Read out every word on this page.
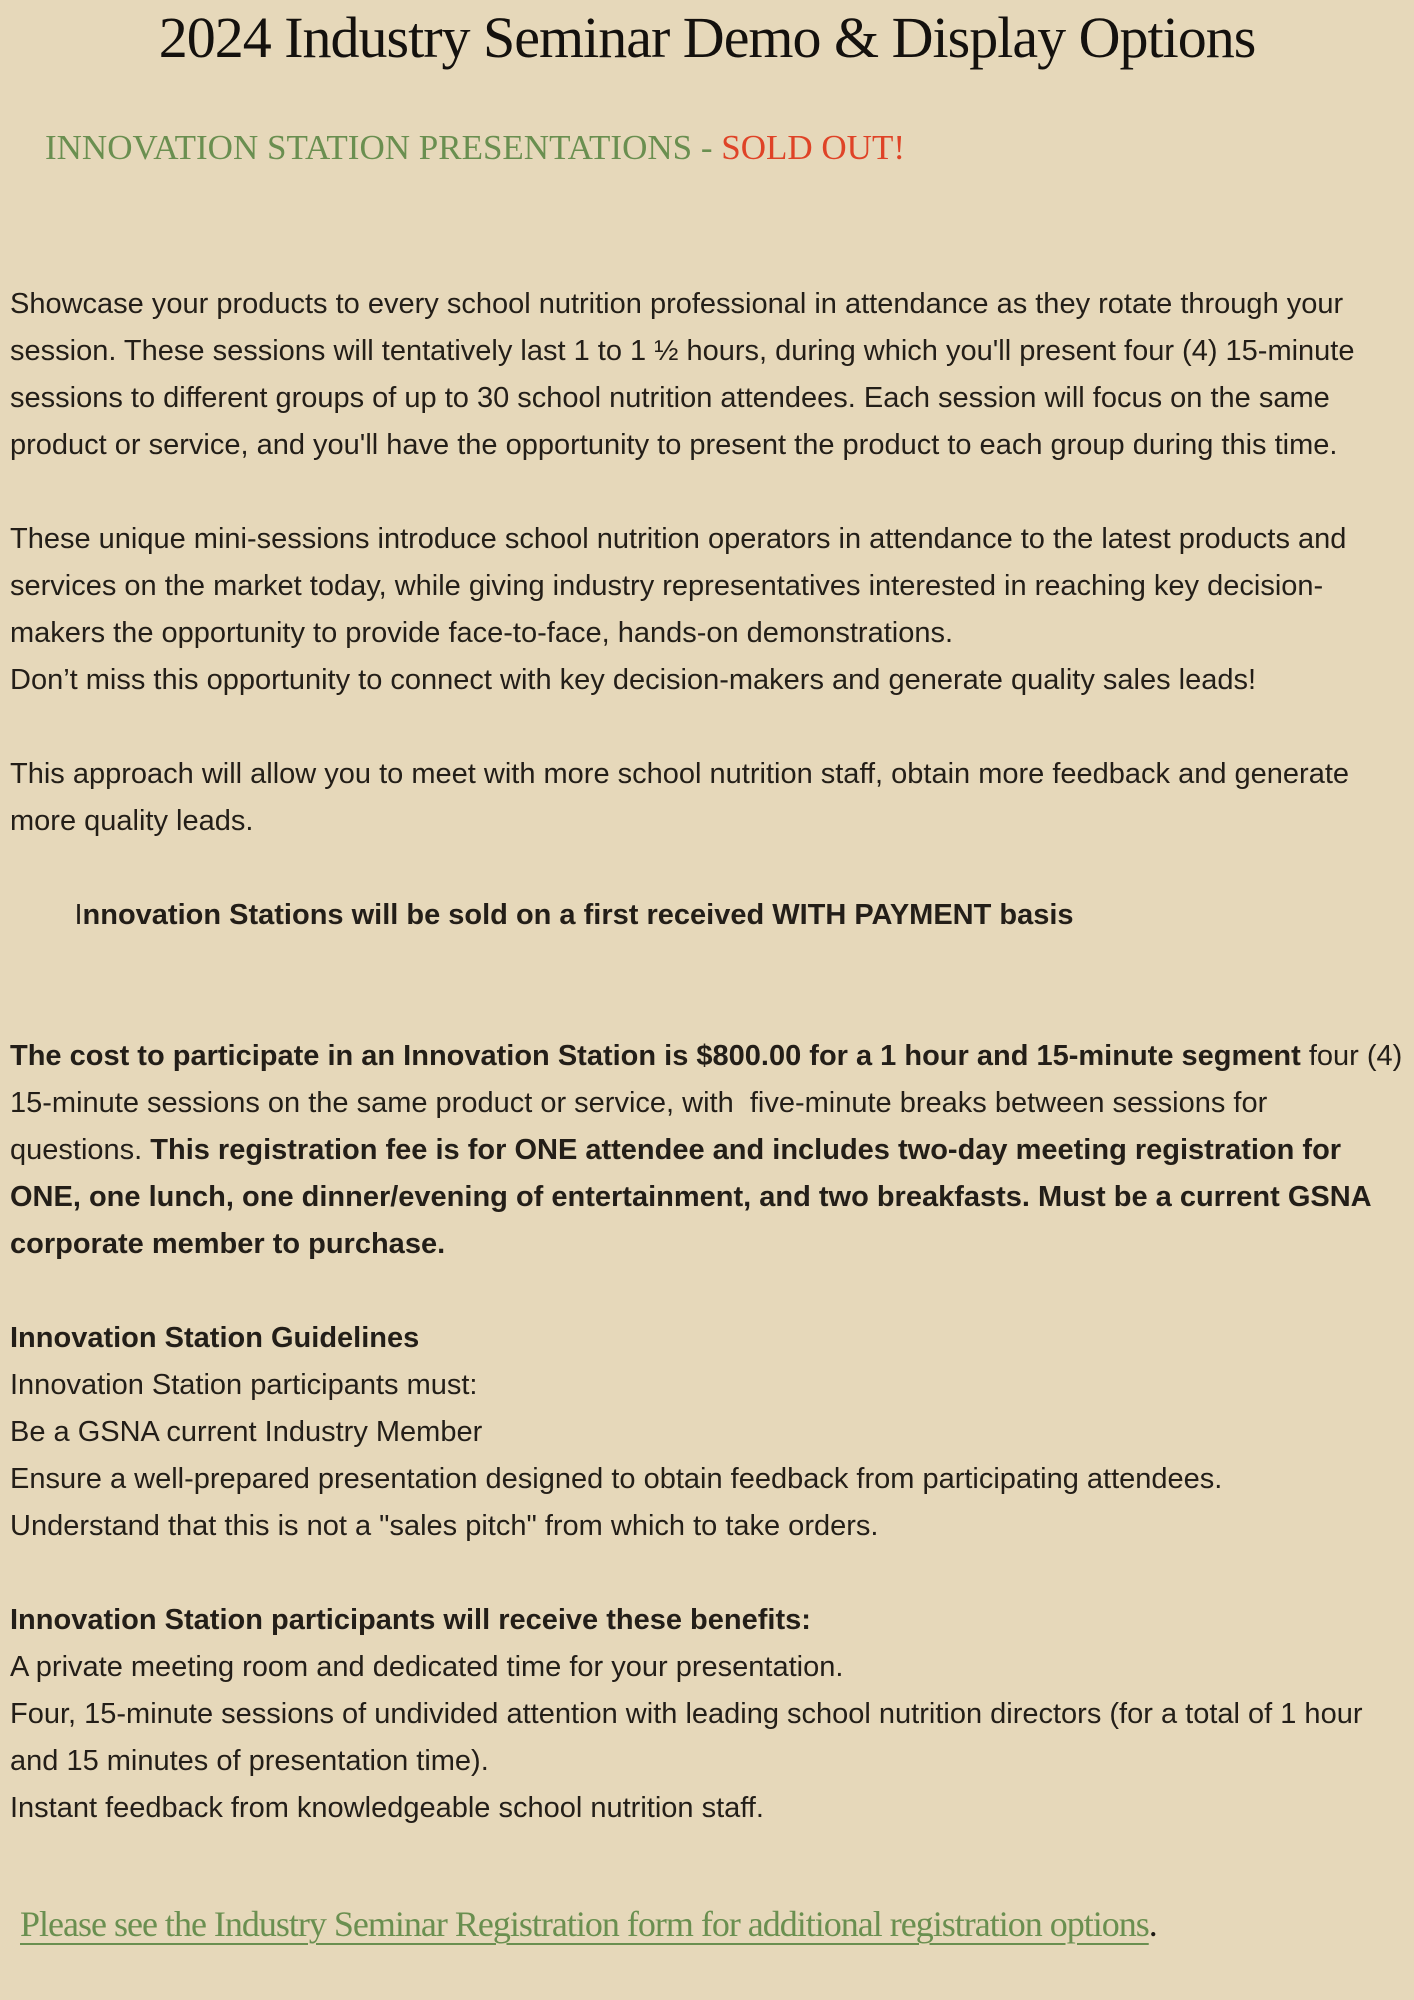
2024 Industry Seminar Demo & Display Options

INNOVATION STATION PRESENTATIONS - SOLD OUT!

Showcase your products to every school nutrition professional in attendance as they rotate through your session. These sessions will tentatively last 1 to 1 ½ hours, during which you'll present four (4) 15-minute sessions to different groups of up to 30 school nutrition attendees. Each session will focus on the same product or service, and you'll have the opportunity to present the product to each group during this time.
These unique mini-sessions introduce school nutrition operators in attendance to the latest products and services on the market today, while giving industry representatives interested in reaching key decision-makers the opportunity to provide face-to-face, hands-on demonstrations.
Don’t miss this opportunity to connect with key decision-makers and generate quality sales leads!
This approach will allow you to meet with more school nutrition staff, obtain more feedback and generate more quality leads.

Innovation Stations will be sold on a first received WITH PAYMENT basis

The cost to participate in an Innovation Station is $800.00 for a 1 hour and 15-minute segment four (4) 15-minute sessions on the same product or service, with  five-minute breaks between sessions for questions. This registration fee is for ONE attendee and includes two-day meeting registration for ONE, one lunch, one dinner/evening of entertainment, and two breakfasts. Must be a current GSNA corporate member to purchase.
Innovation Station Guidelines
Innovation Station participants must:
Be a GSNA current Industry Member
Ensure a well-prepared presentation designed to obtain feedback from participating attendees.
Understand that this is not a "sales pitch" from which to take orders.
Innovation Station participants will receive these benefits:
A private meeting room and dedicated time for your presentation.
Four, 15-minute sessions of undivided attention with leading school nutrition directors (for a total of 1 hour and 15 minutes of presentation time).
Instant feedback from knowledgeable school nutrition staff.
Please see the Industry Seminar Registration form for additional registration options.
